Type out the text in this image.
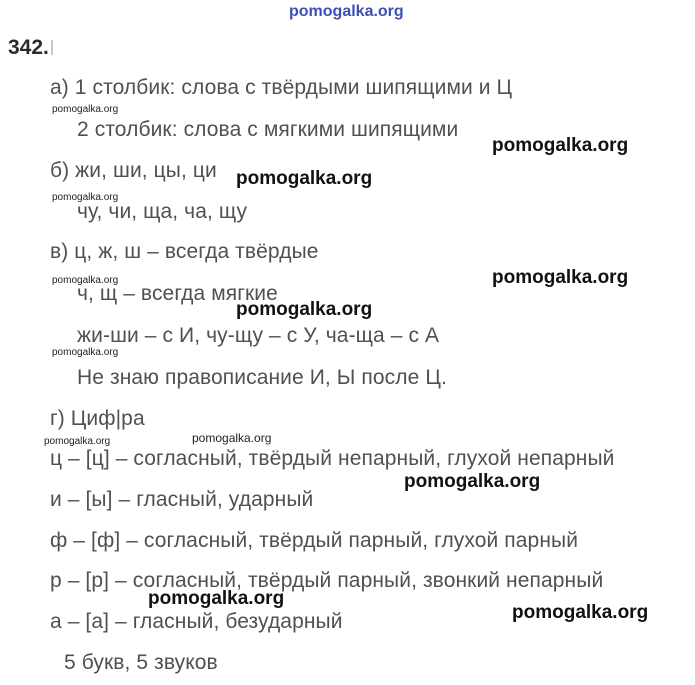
pomogalka.org
342.
а) 1 столбик: слова с твёрдыми шипящими и Ц
2 столбик: слова с мягкими шипящими
б) жи, ши, цы, ци
чу, чи, ща, ча, щу
в) ц, ж, ш – всегда твёрдые
ч, щ – всегда мягкие
жи-ши – с И, чу-щу – с У, ча-ща – с А
Не знаю правописание И, Ы после Ц.
г) Циф|ра
ц – [ц] – согласный, твёрдый непарный, глухой непарный
и – [ы] – гласный, ударный
ф – [ф] – согласный, твёрдый парный, глухой парный
р – [р] – согласный, твёрдый парный, звонкий непарный
а – [а] – гласный, безударный
5 букв, 5 звуков
pomogalka.org
pomogalka.org
pomogalka.org
pomogalka.org
pomogalka.org	pomogalka.org
pomogalka.org
pomogalka.org
pomogalka.org
pomogalka.org
pomogalka.org
pomogalka.org
pomogalka.org
